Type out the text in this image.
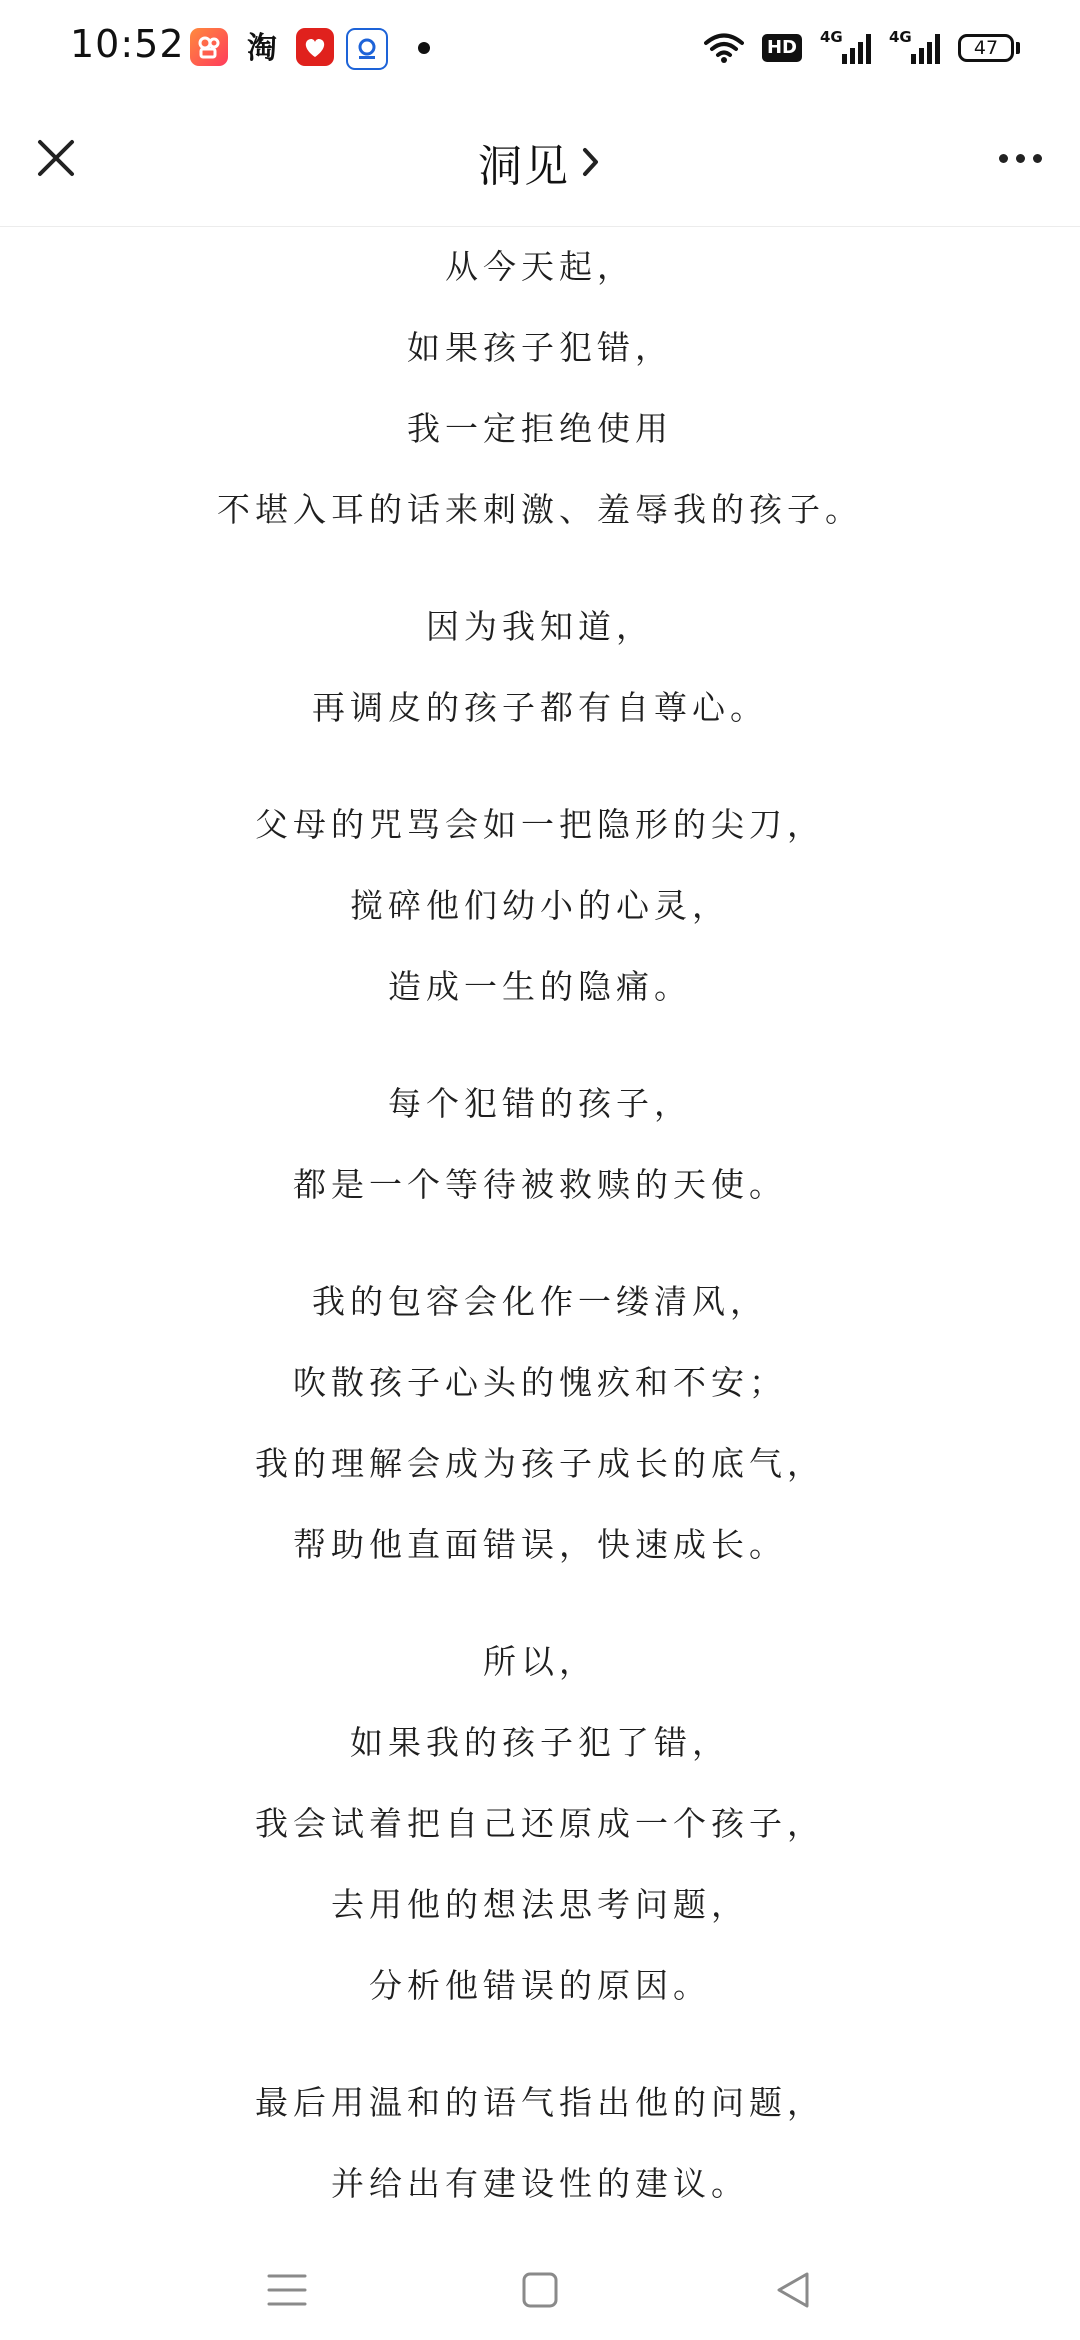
10:52 淘	HD	4G	4G	47
洞见
从今天起，
如果孩子犯错，
我一定拒绝使用
不堪入耳的话来刺激、羞辱我的孩子。
因为我知道，
再调皮的孩子都有自尊心。
父母的咒骂会如一把隐形的尖刀，
搅碎他们幼小的心灵，
造成一生的隐痛。
每个犯错的孩子，
都是一个等待被救赎的天使。
我的包容会化作一缕清风，
吹散孩子心头的愧疚和不安；
我的理解会成为孩子成长的底气，
帮助他直面错误，快速成长。
所以，
如果我的孩子犯了错，
我会试着把自己还原成一个孩子，
去用他的想法思考问题，
分析他错误的原因。
最后用温和的语气指出他的问题，
并给出有建设性的建议。
